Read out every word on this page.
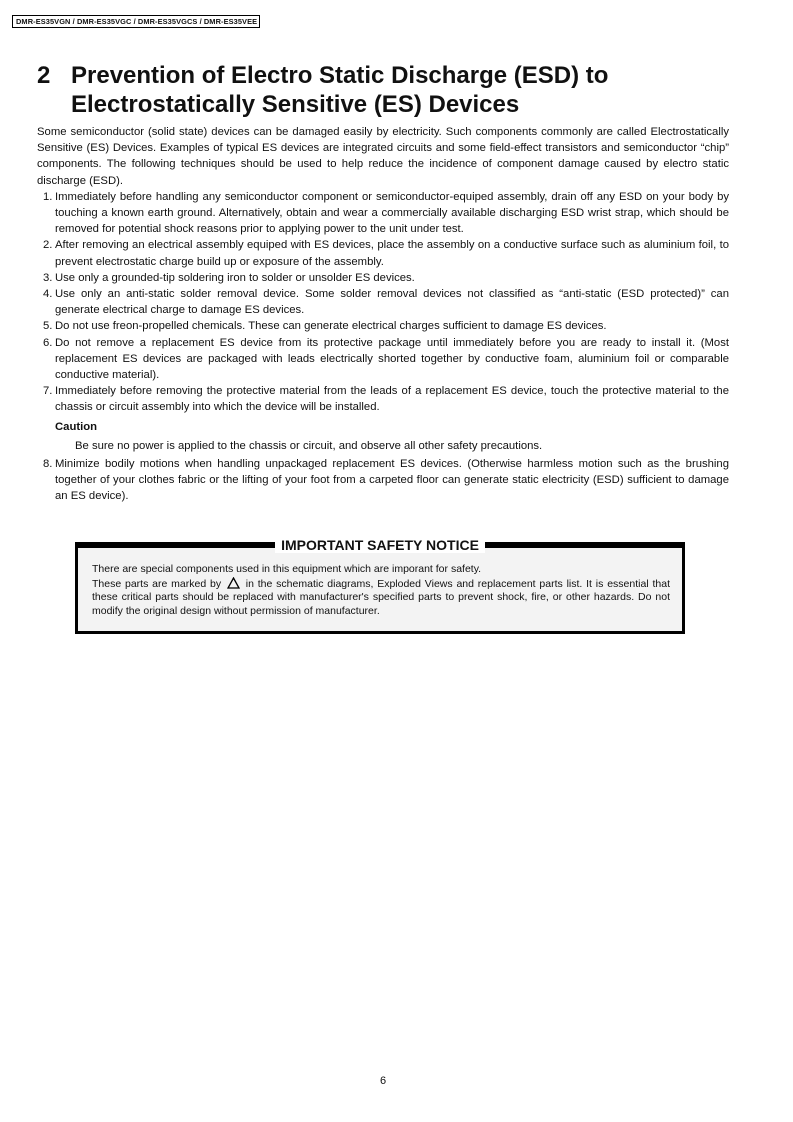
DMR-ES35VGN / DMR-ES35VGC / DMR-ES35VGCS / DMR-ES35VEE
2 Prevention of Electro Static Discharge (ESD) to
Electrostatically Sensitive (ES) Devices

Some semiconductor (solid state) devices can be damaged easily by electricity. Such components commonly are called Electrostatically Sensitive (ES) Devices. Examples of typical ES devices are integrated circuits and some field-effect transistors and semiconductor “chip” components. The following techniques should be used to help reduce the incidence of component damage caused by electro static discharge (ESD).

1. Immediately before handling any semiconductor component or semiconductor-equiped assembly, drain off any ESD on your body by touching a known earth ground. Alternatively, obtain and wear a commercially available discharging ESD wrist strap, which should be removed for potential shock reasons prior to applying power to the unit under test.
2. After removing an electrical assembly equiped with ES devices, place the assembly on a conductive surface such as aluminium foil, to prevent electrostatic charge build up or exposure of the assembly.
3. Use only a grounded-tip soldering iron to solder or unsolder ES devices.
4. Use only an anti-static solder removal device. Some solder removal devices not classified as “anti-static (ESD protected)” can generate electrical charge to damage ES devices.
5. Do not use freon-propelled chemicals. These can generate electrical charges sufficient to damage ES devices.
6. Do not remove a replacement ES device from its protective package until immediately before you are ready to install it. (Most replacement ES devices are packaged with leads electrically shorted together by conductive foam, aluminium foil or comparable conductive material).
7. Immediately before removing the protective material from the leads of a replacement ES device, touch the protective material to the chassis or circuit assembly into which the device will be installed.
Caution
Be sure no power is applied to the chassis or circuit, and observe all other safety precautions.
8. Minimize bodily motions when handling unpackaged replacement ES devices. (Otherwise harmless motion such as the brushing together of your clothes fabric or the lifting of your foot from a carpeted floor can generate static electricity (ESD) sufficient to damage an ES device).
IMPORTANT SAFETY NOTICE
There are special components used in this equipment which are imporant for safety.
These parts are marked by in the schematic diagrams, Exploded Views and replacement parts list. It is essential that these critical parts should be replaced with manufacturer's specified parts to prevent shock, fire, or other hazards. Do not modify the original design without permission of manufacturer.
6
